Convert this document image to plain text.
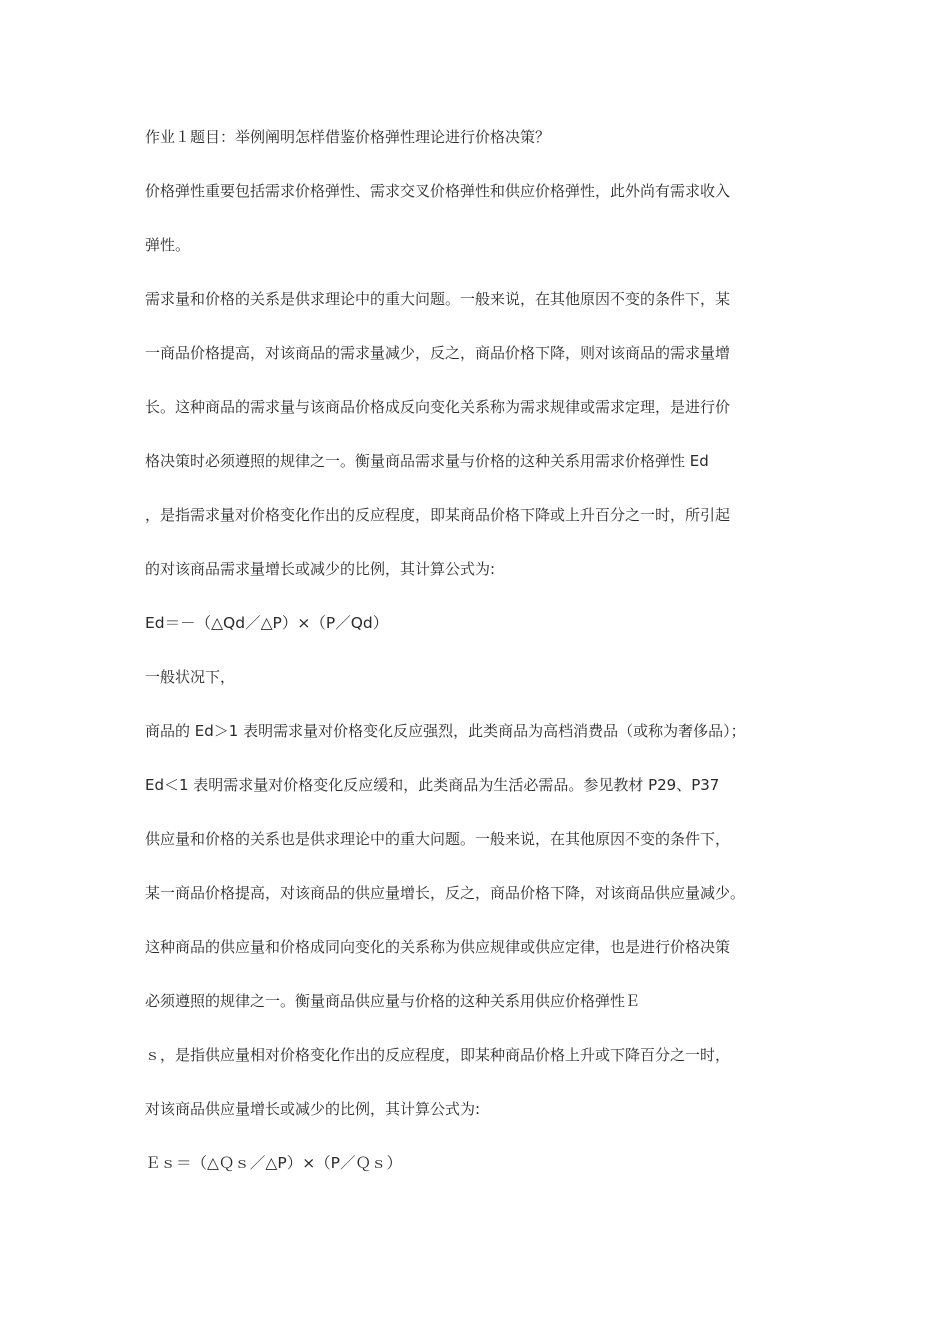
作业１题目：举例阐明怎样借鉴价格弹性理论进行价格决策？
价格弹性重要包括需求价格弹性、需求交叉价格弹性和供应价格弹性，此外尚有需求收入
弹性。
需求量和价格的关系是供求理论中的重大问题。一般来说，在其他原因不变的条件下，某
一商品价格提高，对该商品的需求量减少，反之，商品价格下降，则对该商品的需求量增
长。这种商品的需求量与该商品价格成反向变化关系称为需求规律或需求定理，是进行价
格决策时必须遵照的规律之一。衡量商品需求量与价格的这种关系用需求价格弹性 Ed
，是指需求量对价格变化作出的反应程度，即某商品价格下降或上升百分之一时，所引起
的对该商品需求量增长或减少的比例，其计算公式为:
Ed＝－（△Qd／△P）×（P／Qd）
一般状况下，
商品的 Ed＞1 表明需求量对价格变化反应强烈，此类商品为高档消费品（或称为奢侈品）；
Ed＜1 表明需求量对价格变化反应缓和，此类商品为生活必需品。参见教材 P29、P37
供应量和价格的关系也是供求理论中的重大问题。一般来说，在其他原因不变的条件下，
某一商品价格提高，对该商品的供应量增长，反之，商品价格下降，对该商品供应量减少。
这种商品的供应量和价格成同向变化的关系称为供应规律或供应定律，也是进行价格决策
必须遵照的规律之一。衡量商品供应量与价格的这种关系用供应价格弹性Ｅ
ｓ，是指供应量相对价格变化作出的反应程度，即某种商品价格上升或下降百分之一时，
对该商品供应量增长或减少的比例，其计算公式为:
Ｅｓ＝（△Ｑｓ／△P）×（P／Ｑｓ）
